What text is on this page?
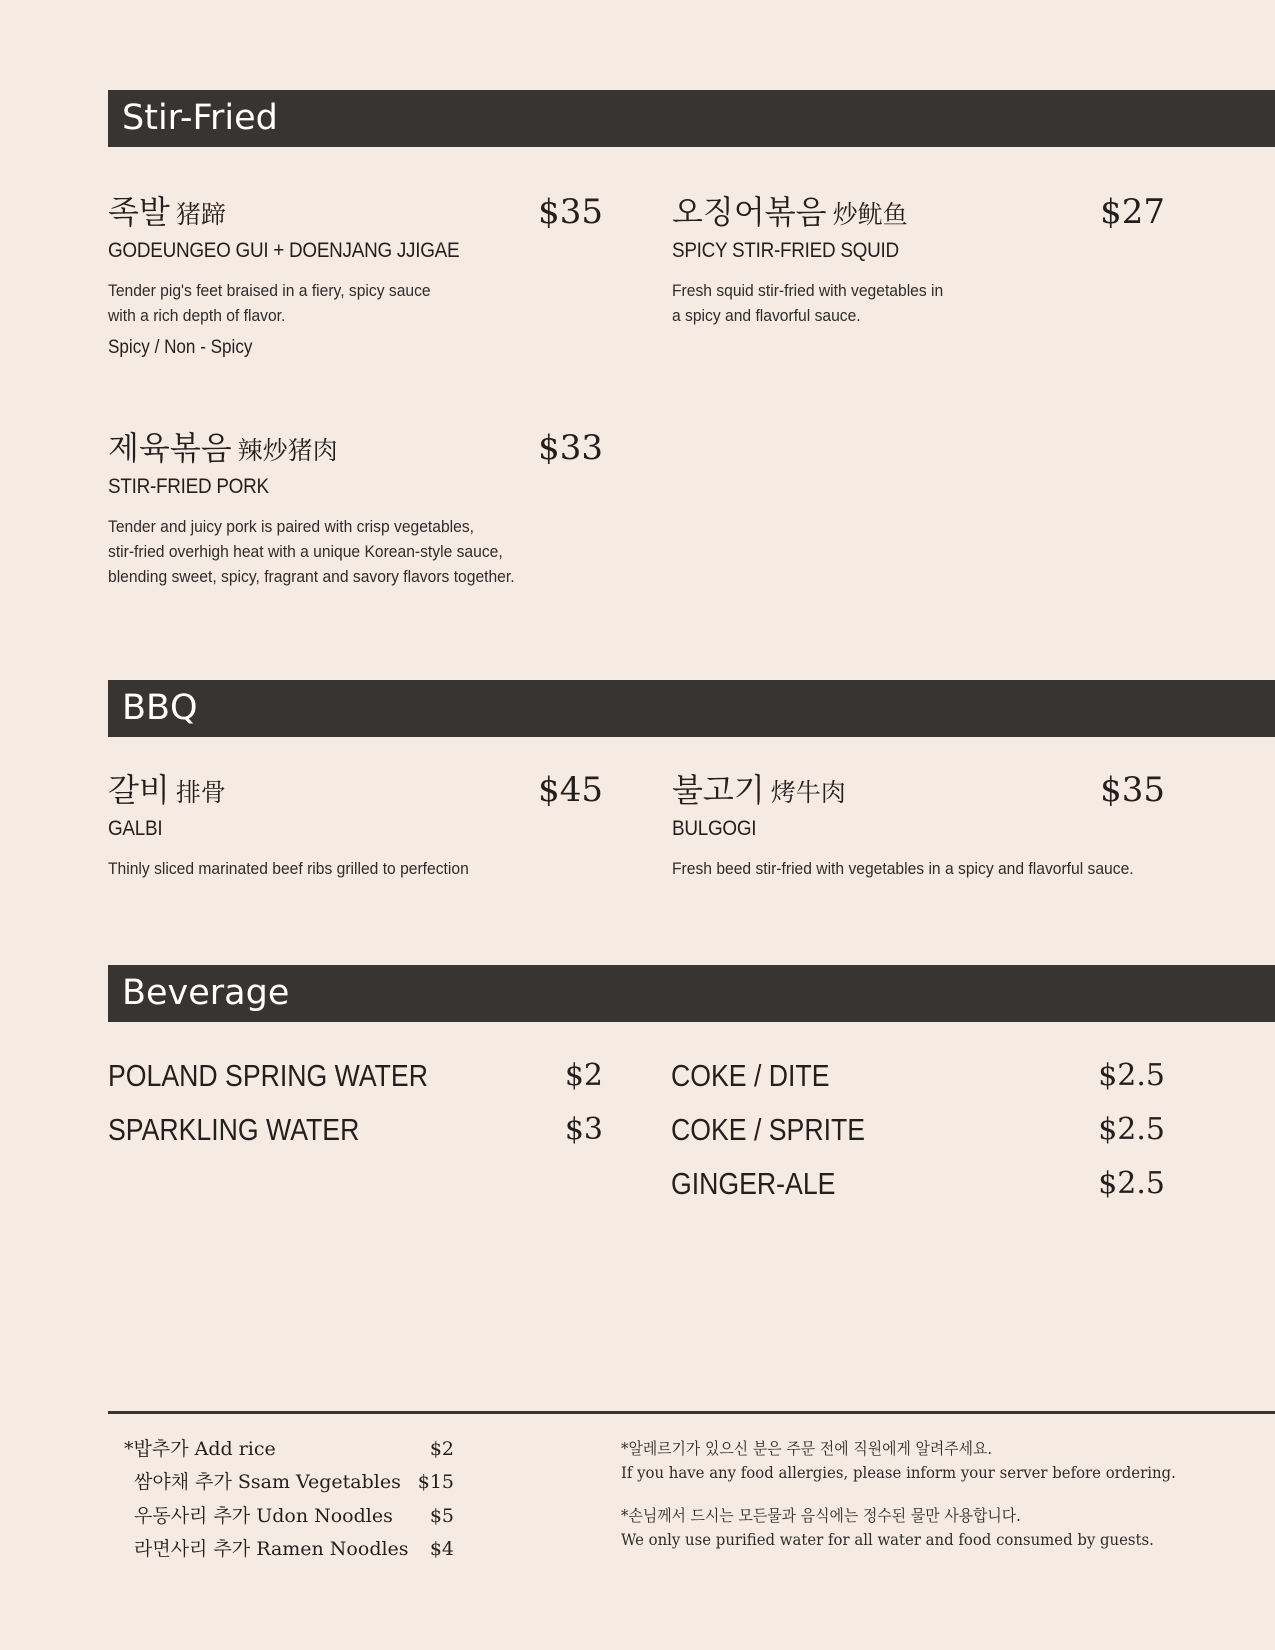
Stir-Fried
족발 猪蹄	$35
GODEUNGEO GUI + DOENJANG JJIGAE
Tender pig's feet braised in a fiery, spicy sauce
with a rich depth of flavor.
Spicy / Non - Spicy
오징어볶음 炒鱿鱼	$27
SPICY STIR-FRIED SQUID
Fresh squid stir-fried with vegetables in
a spicy and flavorful sauce.
제육볶음 辣炒猪肉	$33
STIR-FRIED PORK
Tender and juicy pork is paired with crisp vegetables,
stir-fried overhigh heat with a unique Korean-style sauce,
blending sweet, spicy, fragrant and savory flavors together.
BBQ
갈비 排骨	$45
GALBI
Thinly sliced marinated beef ribs grilled to perfection
불고기 烤牛肉	$35
BULGOGI
Fresh beed stir-fried with vegetables in a spicy and flavorful sauce.
Beverage
POLAND SPRING WATER	$2
SPARKLING WATER	$3
COKE / DITE	$2.5
COKE / SPRITE	$2.5
GINGER-ALE	$2.5
*밥추가 Add rice	$2
쌈야채 추가 Ssam Vegetables $15
우동사리 추가 Udon Noodles $5
라면사리 추가 Ramen Noodles $4
*알레르기가 있으신 분은 주문 전에 직원에게 알려주세요.
If you have any food allergies, please inform your server before ordering.
*손님께서 드시는 모든물과 음식에는 정수된 물만 사용합니다.
We only use purified water for all water and food consumed by guests.
